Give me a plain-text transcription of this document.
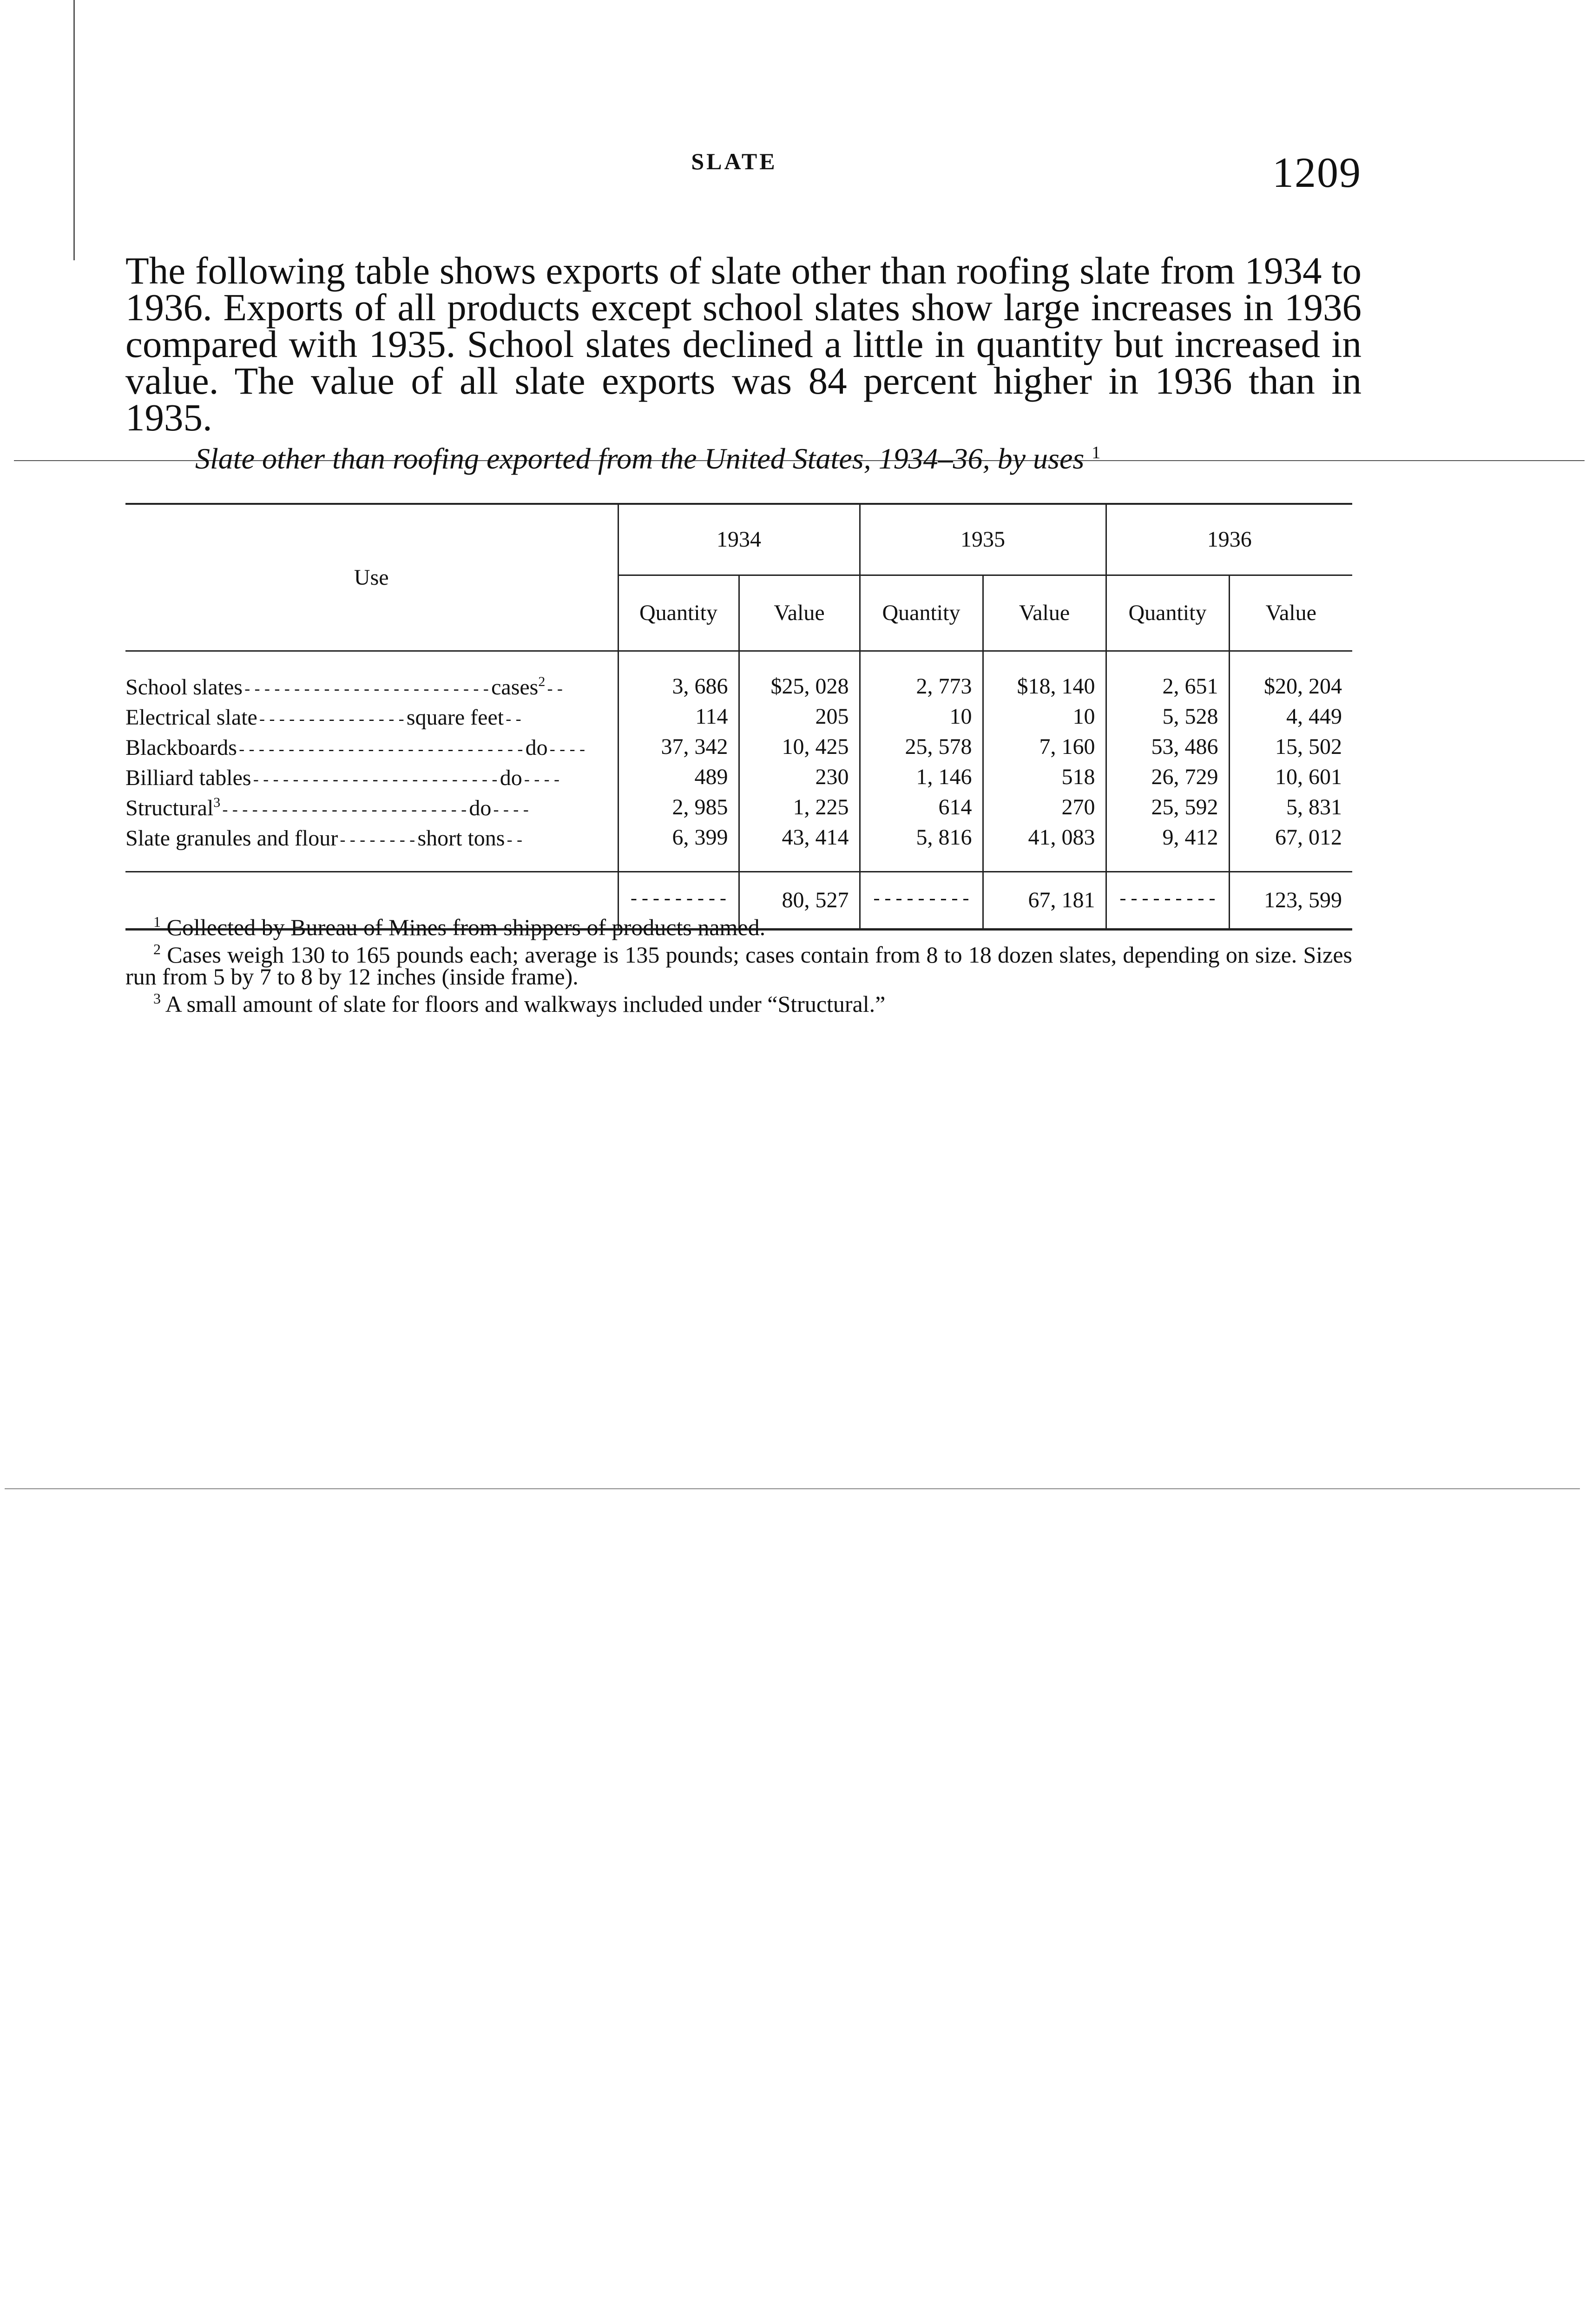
SLATE	1209

The following table shows exports of slate other than roofing slate from 1934 to 1936. Exports of all products except school slates show large increases in 1936 compared with 1935. School slates declined a little in quantity but increased in value. The value of all slate exports was 84 percent higher in 1936 than in 1935.

Slate other than roofing exported from the United States, 1934–36, by uses $^1$
Use	1934		1935		1936	
	Quantity	Value	Quantity	Value	Quantity	Value
School slates-------------------------cases$^2$--	3, 686	$25, 028	2, 773	$18, 140	2, 651	$20, 204
Electrical slate---------------square feet--	114	205	10	10	5, 528	4, 449
Blackboards-----------------------------do----	37, 342	10, 425	25, 578	7, 160	53, 486	15, 502
Billiard tables-------------------------do----	489	230	1, 146	518	26, 729	10, 601
Structural$^3$-------------------------do----	2, 985	1, 225	614	270	25, 592	5, 831
Slate granules and flour--------short tons--	6, 399	43, 414	5, 816	41, 083	9, 412	67, 012
	---------	80, 527	---------	67, 181	---------	123, 599

$^1$ Collected by Bureau of Mines from shippers of products named.

$^2$ Cases weigh 130 to 165 pounds each; average is 135 pounds; cases contain from 8 to 18 dozen slates, depending on size. Sizes run from 5 by 7 to 8 by 12 inches (inside frame).

$^3$ A small amount of slate for floors and walkways included under “Structural.”
